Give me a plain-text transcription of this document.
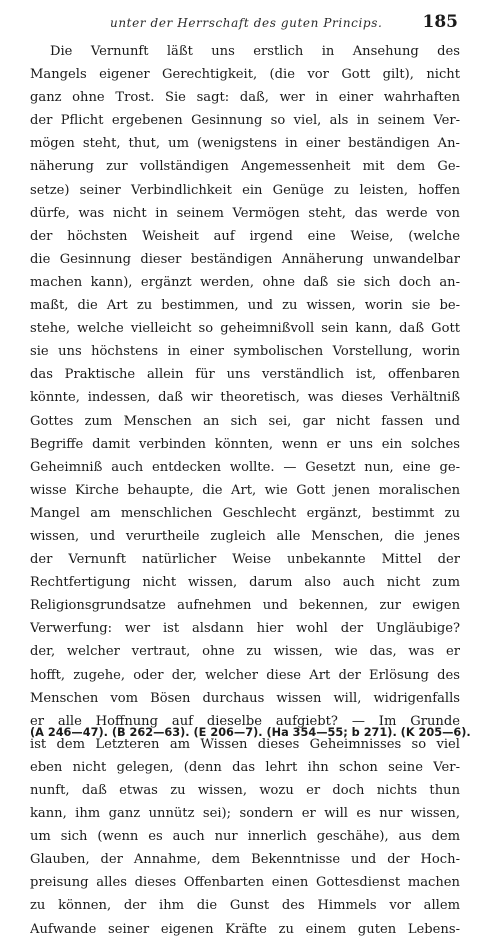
unter der Herrschaft des guten Princips. 185
Die Vernunft läßt uns erstlich in Ansehung des
Mangels eigener Gerechtigkeit, (die vor Gott gilt), nicht
ganz ohne Trost. Sie sagt: daß, wer in einer wahrhaften
der Pflicht ergebenen Gesinnung so viel, als in seinem Ver-
mögen steht, thut, um (wenigstens in einer beständigen An-
näherung zur vollständigen Angemessenheit mit dem Ge-
setze) seiner Verbindlichkeit ein Genüge zu leisten, hoffen
dürfe, was nicht in seinem Vermögen steht, das werde von
der höchsten Weisheit auf irgend eine Weise, (welche
die Gesinnung dieser beständigen Annäherung unwandelbar
machen kann), ergänzt werden, ohne daß sie sich doch an-
maßt, die Art zu bestimmen, und zu wissen, worin sie be-
stehe, welche vielleicht so geheimnißvoll sein kann, daß Gott
sie uns höchstens in einer symbolischen Vorstellung, worin
das Praktische allein für uns verständlich ist, offenbaren
könnte, indessen, daß wir theoretisch, was dieses Verhältniß
Gottes zum Menschen an sich sei, gar nicht fassen und
Begriffe damit verbinden könnten, wenn er uns ein solches
Geheimniß auch entdecken wollte. — Gesetzt nun, eine ge-
wisse Kirche behaupte, die Art, wie Gott jenen moralischen
Mangel am menschlichen Geschlecht ergänzt, bestimmt zu
wissen, und verurtheile zugleich alle Menschen, die jenes
der Vernunft natürlicher Weise unbekannte Mittel der
Rechtfertigung nicht wissen, darum also auch nicht zum
Religionsgrundsatze aufnehmen und bekennen, zur ewigen
Verwerfung: wer ist alsdann hier wohl der Ungläubige?
der, welcher vertraut, ohne zu wissen, wie das, was er
hofft, zugehe, oder der, welcher diese Art der Erlösung des
Menschen vom Bösen durchaus wissen will, widrigenfalls
er alle Hoffnung auf dieselbe aufgiebt? — Im Grunde
ist dem Letzteren am Wissen dieses Geheimnisses so viel
eben nicht gelegen, (denn das lehrt ihn schon seine Ver-
nunft, daß etwas zu wissen, wozu er doch nichts thun
kann, ihm ganz unnütz sei); sondern er will es nur wissen,
um sich (wenn es auch nur innerlich geschähe), aus dem
Glauben, der Annahme, dem Bekenntnisse und der Hoch-
preisung alles dieses Offenbarten einen Gottesdienst machen
zu können, der ihm die Gunst des Himmels vor allem
Aufwande seiner eigenen Kräfte zu einem guten Lebens-
(A 246—47). (B 262—63). (E 206—7). (Ha 354—55; b 271). (K 205—6).
